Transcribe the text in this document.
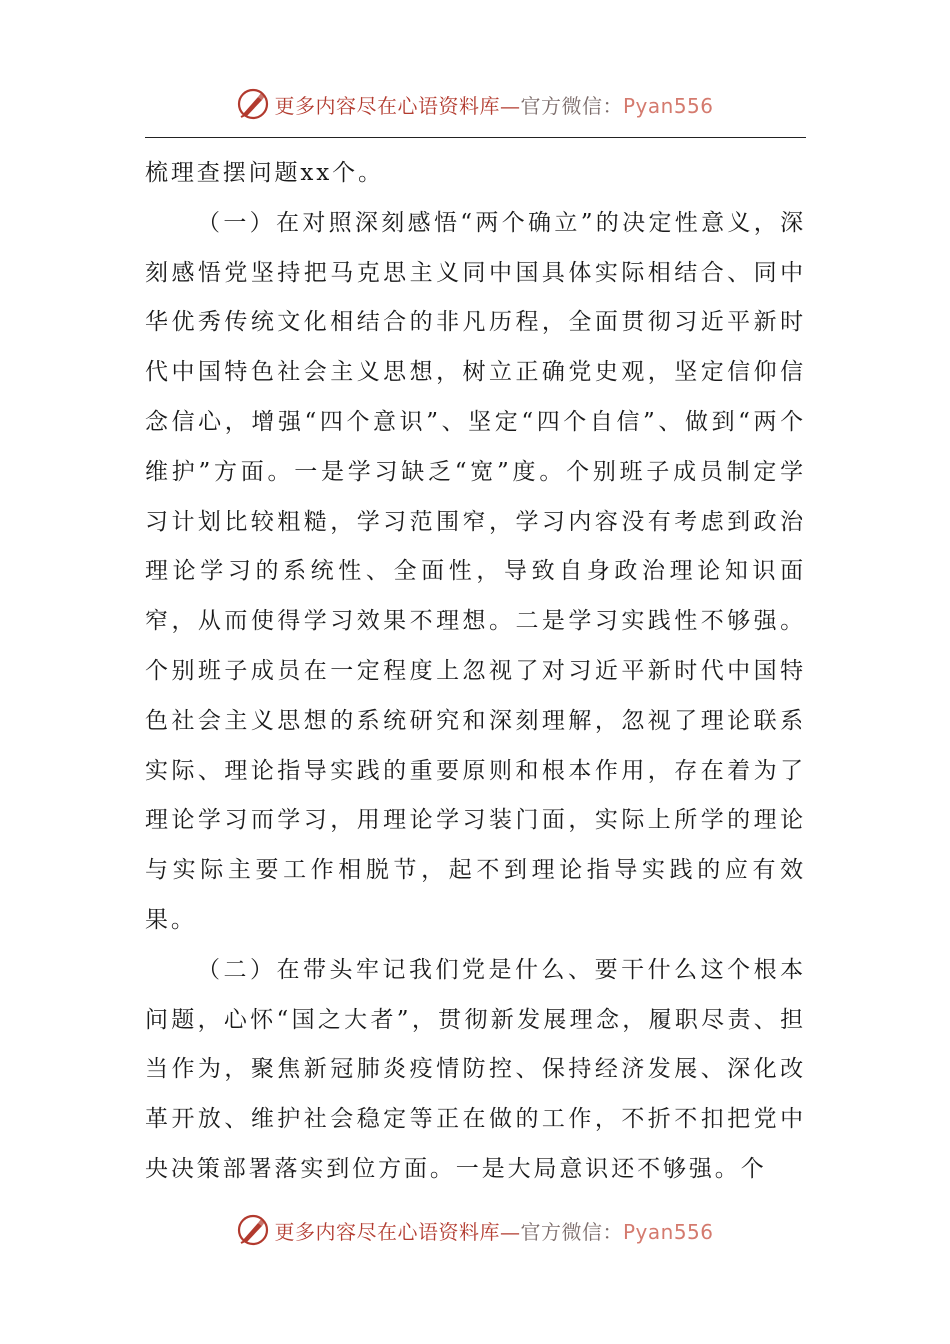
更多内容尽在心语资料库—官方微信：Pyan556

梳理查摆问题xx个。

（一）在对照深刻感悟“两个确立”的决定性意义，深刻感悟党坚持把马克思主义同中国具体实际相结合、同中华优秀传统文化相结合的非凡历程，全面贯彻习近平新时代中国特色社会主义思想，树立正确党史观，坚定信仰信念信心，增强“四个意识”、坚定“四个自信”、做到“两个维护”方面。一是学习缺乏“宽”度。个别班子成员制定学习计划比较粗糙，学习范围窄，学习内容没有考虑到政治理论学习的系统性、全面性，导致自身政治理论知识面窄，从而使得学习效果不理想。二是学习实践性不够强。个别班子成员在一定程度上忽视了对习近平新时代中国特色社会主义思想的系统研究和深刻理解，忽视了理论联系实际、理论指导实践的重要原则和根本作用，存在着为了理论学习而学习，用理论学习装门面，实际上所学的理论与实际主要工作相脱节，起不到理论指导实践的应有效果。

（二）在带头牢记我们党是什么、要干什么这个根本问题，心怀“国之大者”，贯彻新发展理念，履职尽责、担当作为，聚焦新冠肺炎疫情防控、保持经济发展、深化改革开放、维护社会稳定等正在做的工作，不折不扣把党中央决策部署落实到位方面。一是大局意识还不够强。个

更多内容尽在心语资料库—官方微信：Pyan556
